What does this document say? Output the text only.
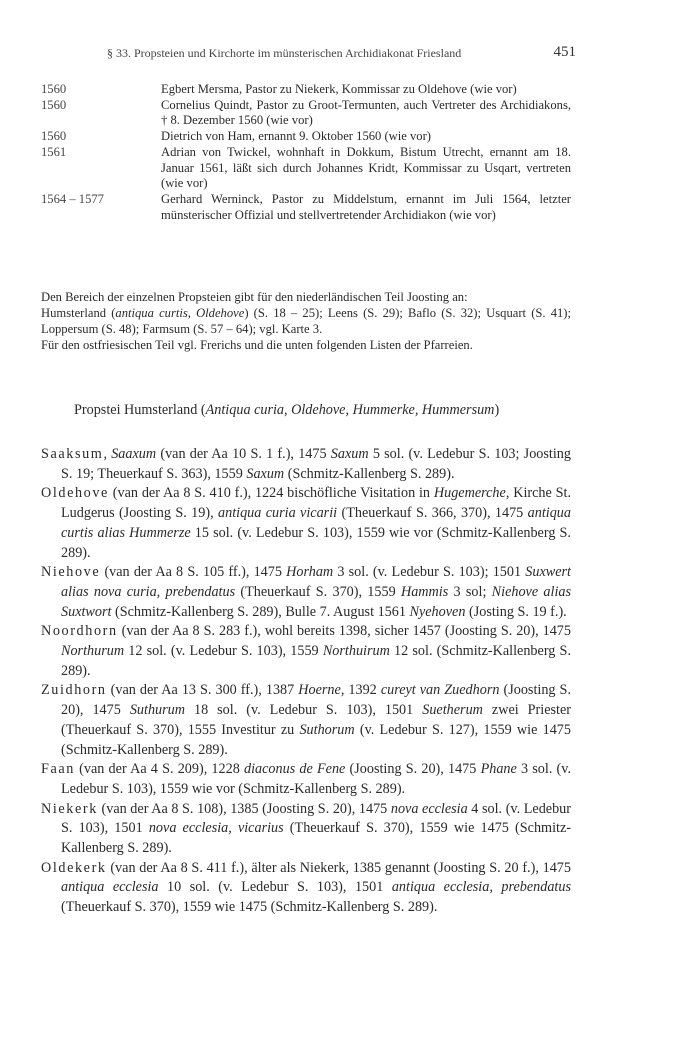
§ 33. Propsteien und Kirchorte im münsterischen Archidiakonat Friesland	451
1560	Egbert Mersma, Pastor zu Niekerk, Kommissar zu Oldehove (wie vor)
1560	Cornelius Quindt, Pastor zu Groot-Termunten, auch Vertreter des Archidiakons, † 8. Dezember 1560 (wie vor)
1560	Dietrich von Ham, ernannt 9. Oktober 1560 (wie vor)
1561	Adrian von Twickel, wohnhaft in Dokkum, Bistum Utrecht, ernannt am 18. Januar 1561, läßt sich durch Johannes Kridt, Kommissar zu Usqart, vertreten (wie vor)
1564 – 1577	Gerhard Werninck, Pastor zu Middelstum, ernannt im Juli 1564, letzter münsterischer Offizial und stellvertretender Archidiakon (wie vor)

Den Bereich der einzelnen Propsteien gibt für den niederländischen Teil Joosting an:

Humsterland (antiqua curtis, Oldehove) (S. 18 – 25); Leens (S. 29); Baflo (S. 32); Usquart (S. 41); Loppersum (S. 48); Farmsum (S. 57 – 64); vgl. Karte 3.

Für den ostfriesischen Teil vgl. Frerichs und die unten folgenden Listen der Pfarreien.

Propstei Humsterland (Antiqua curia, Oldehove, Hummerke, Hummersum)

Saaksum, Saaxum (van der Aa 10 S. 1 f.), 1475 Saxum 5 sol. (v. Ledebur S. 103; Joosting S. 19; Theuerkauf S. 363), 1559 Saxum (Schmitz-Kallenberg S. 289).

Oldehove (van der Aa 8 S. 410 f.), 1224 bischöfliche Visitation in Hugemerche, Kirche St. Ludgerus (Joosting S. 19), antiqua curia vicarii (Theuerkauf S. 366, 370), 1475 antiqua curtis alias Hummerze 15 sol. (v. Ledebur S. 103), 1559 wie vor (Schmitz-Kallenberg S. 289).

Niehove (van der Aa 8 S. 105 ff.), 1475 Horham 3 sol. (v. Ledebur S. 103); 1501 Suxwert alias nova curia, prebendatus (Theuerkauf S. 370), 1559 Hammis 3 sol; Niehove alias Suxtwort (Schmitz-Kallenberg S. 289), Bulle 7. August 1561 Nyehoven (Josting S. 19 f.).

Noordhorn (van der Aa 8 S. 283 f.), wohl bereits 1398, sicher 1457 (Joosting S. 20), 1475 Northurum 12 sol. (v. Ledebur S. 103), 1559 Northuirum 12 sol. (Schmitz-Kallenberg S. 289).

Zuidhorn (van der Aa 13 S. 300 ff.), 1387 Hoerne, 1392 cureyt van Zuedhorn (Joosting S. 20), 1475 Suthurum 18 sol. (v. Ledebur S. 103), 1501 Suetherum zwei Priester (Theuerkauf S. 370), 1555 Investitur zu Suthorum (v. Ledebur S. 127), 1559 wie 1475 (Schmitz-Kallenberg S. 289).

Faan (van der Aa 4 S. 209), 1228 diaconus de Fene (Joosting S. 20), 1475 Phane 3 sol. (v. Ledebur S. 103), 1559 wie vor (Schmitz-Kallenberg S. 289).

Niekerk (van der Aa 8 S. 108), 1385 (Joosting S. 20), 1475 nova ecclesia 4 sol. (v. Ledebur S. 103), 1501 nova ecclesia, vicarius (Theuerkauf S. 370), 1559 wie 1475 (Schmitz-Kallenberg S. 289).

Oldekerk (van der Aa 8 S. 411 f.), älter als Niekerk, 1385 genannt (Joosting S. 20 f.), 1475 antiqua ecclesia 10 sol. (v. Ledebur S. 103), 1501 antiqua ecclesia, prebendatus (Theuerkauf S. 370), 1559 wie 1475 (Schmitz-Kallenberg S. 289).
